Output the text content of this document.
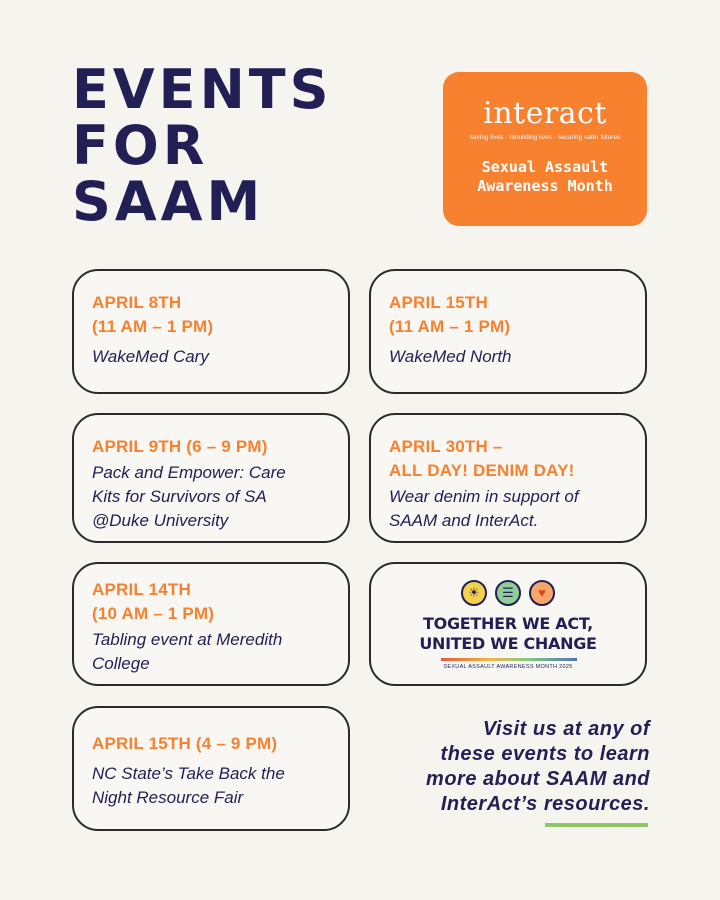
EVENTS
FOR
SAAM
interact
saving lives · rebuilding lives · securing safer futures
Sexual Assault
Awareness Month

APRIL 8TH
(11 AM – 1 PM)

WakeMed Cary

APRIL 15TH
(11 AM – 1 PM)

WakeMed North

APRIL 9TH (6 – 9 PM)

Pack and Empower: Care
Kits for Survivors of SA
@Duke University

APRIL 30TH –
ALL DAY! DENIM DAY!

Wear denim in support of
SAAM and InterAct.

APRIL 14TH
(10 AM – 1 PM)

Tabling event at Meredith
College

☀ ☰ ♥
TOGETHER WE ACT,
UNITED WE CHANGE
SEXUAL ASSAULT AWARENESS MONTH 2025

APRIL 15TH (4 – 9 PM)

NC State’s Take Back the
Night Resource Fair

Visit us at any of
these events to learn
more about SAAM and
InterAct’s resources.
